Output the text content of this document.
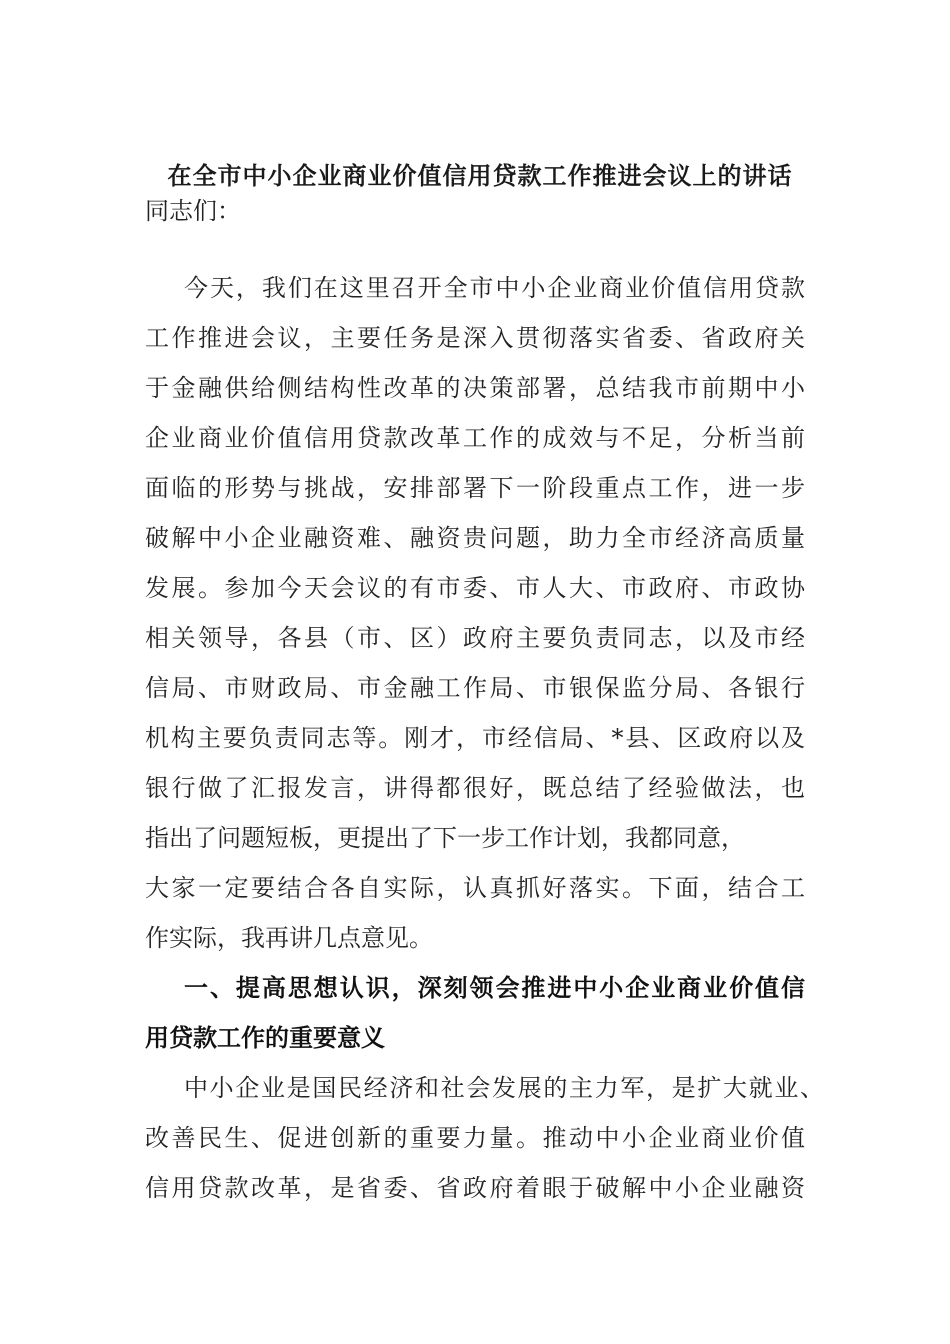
在全市中小企业商业价值信用贷款工作推进会议上的讲话
同志们：
今天，我们在这里召开全市中小企业商业价值信用贷款
工作推进会议，主要任务是深入贯彻落实省委、省政府关
于金融供给侧结构性改革的决策部署，总结我市前期中小
企业商业价值信用贷款改革工作的成效与不足，分析当前
面临的形势与挑战，安排部署下一阶段重点工作，进一步
破解中小企业融资难、融资贵问题，助力全市经济高质量
发展。参加今天会议的有市委、市人大、市政府、市政协
相关领导，各县（市、区）政府主要负责同志，以及市经
信局、市财政局、市金融工作局、市银保监分局、各银行
机构主要负责同志等。刚才，市经信局、*县、区政府以及
银行做了汇报发言，讲得都很好，既总结了经验做法，也
指出了问题短板，更提出了下一步工作计划，我都同意，
大家一定要结合各自实际，认真抓好落实。下面，结合工
作实际，我再讲几点意见。
一、提高思想认识，深刻领会推进中小企业商业价值信
用贷款工作的重要意义
中小企业是国民经济和社会发展的主力军，是扩大就业、
改善民生、促进创新的重要力量。推动中小企业商业价值
信用贷款改革，是省委、省政府着眼于破解中小企业融资
